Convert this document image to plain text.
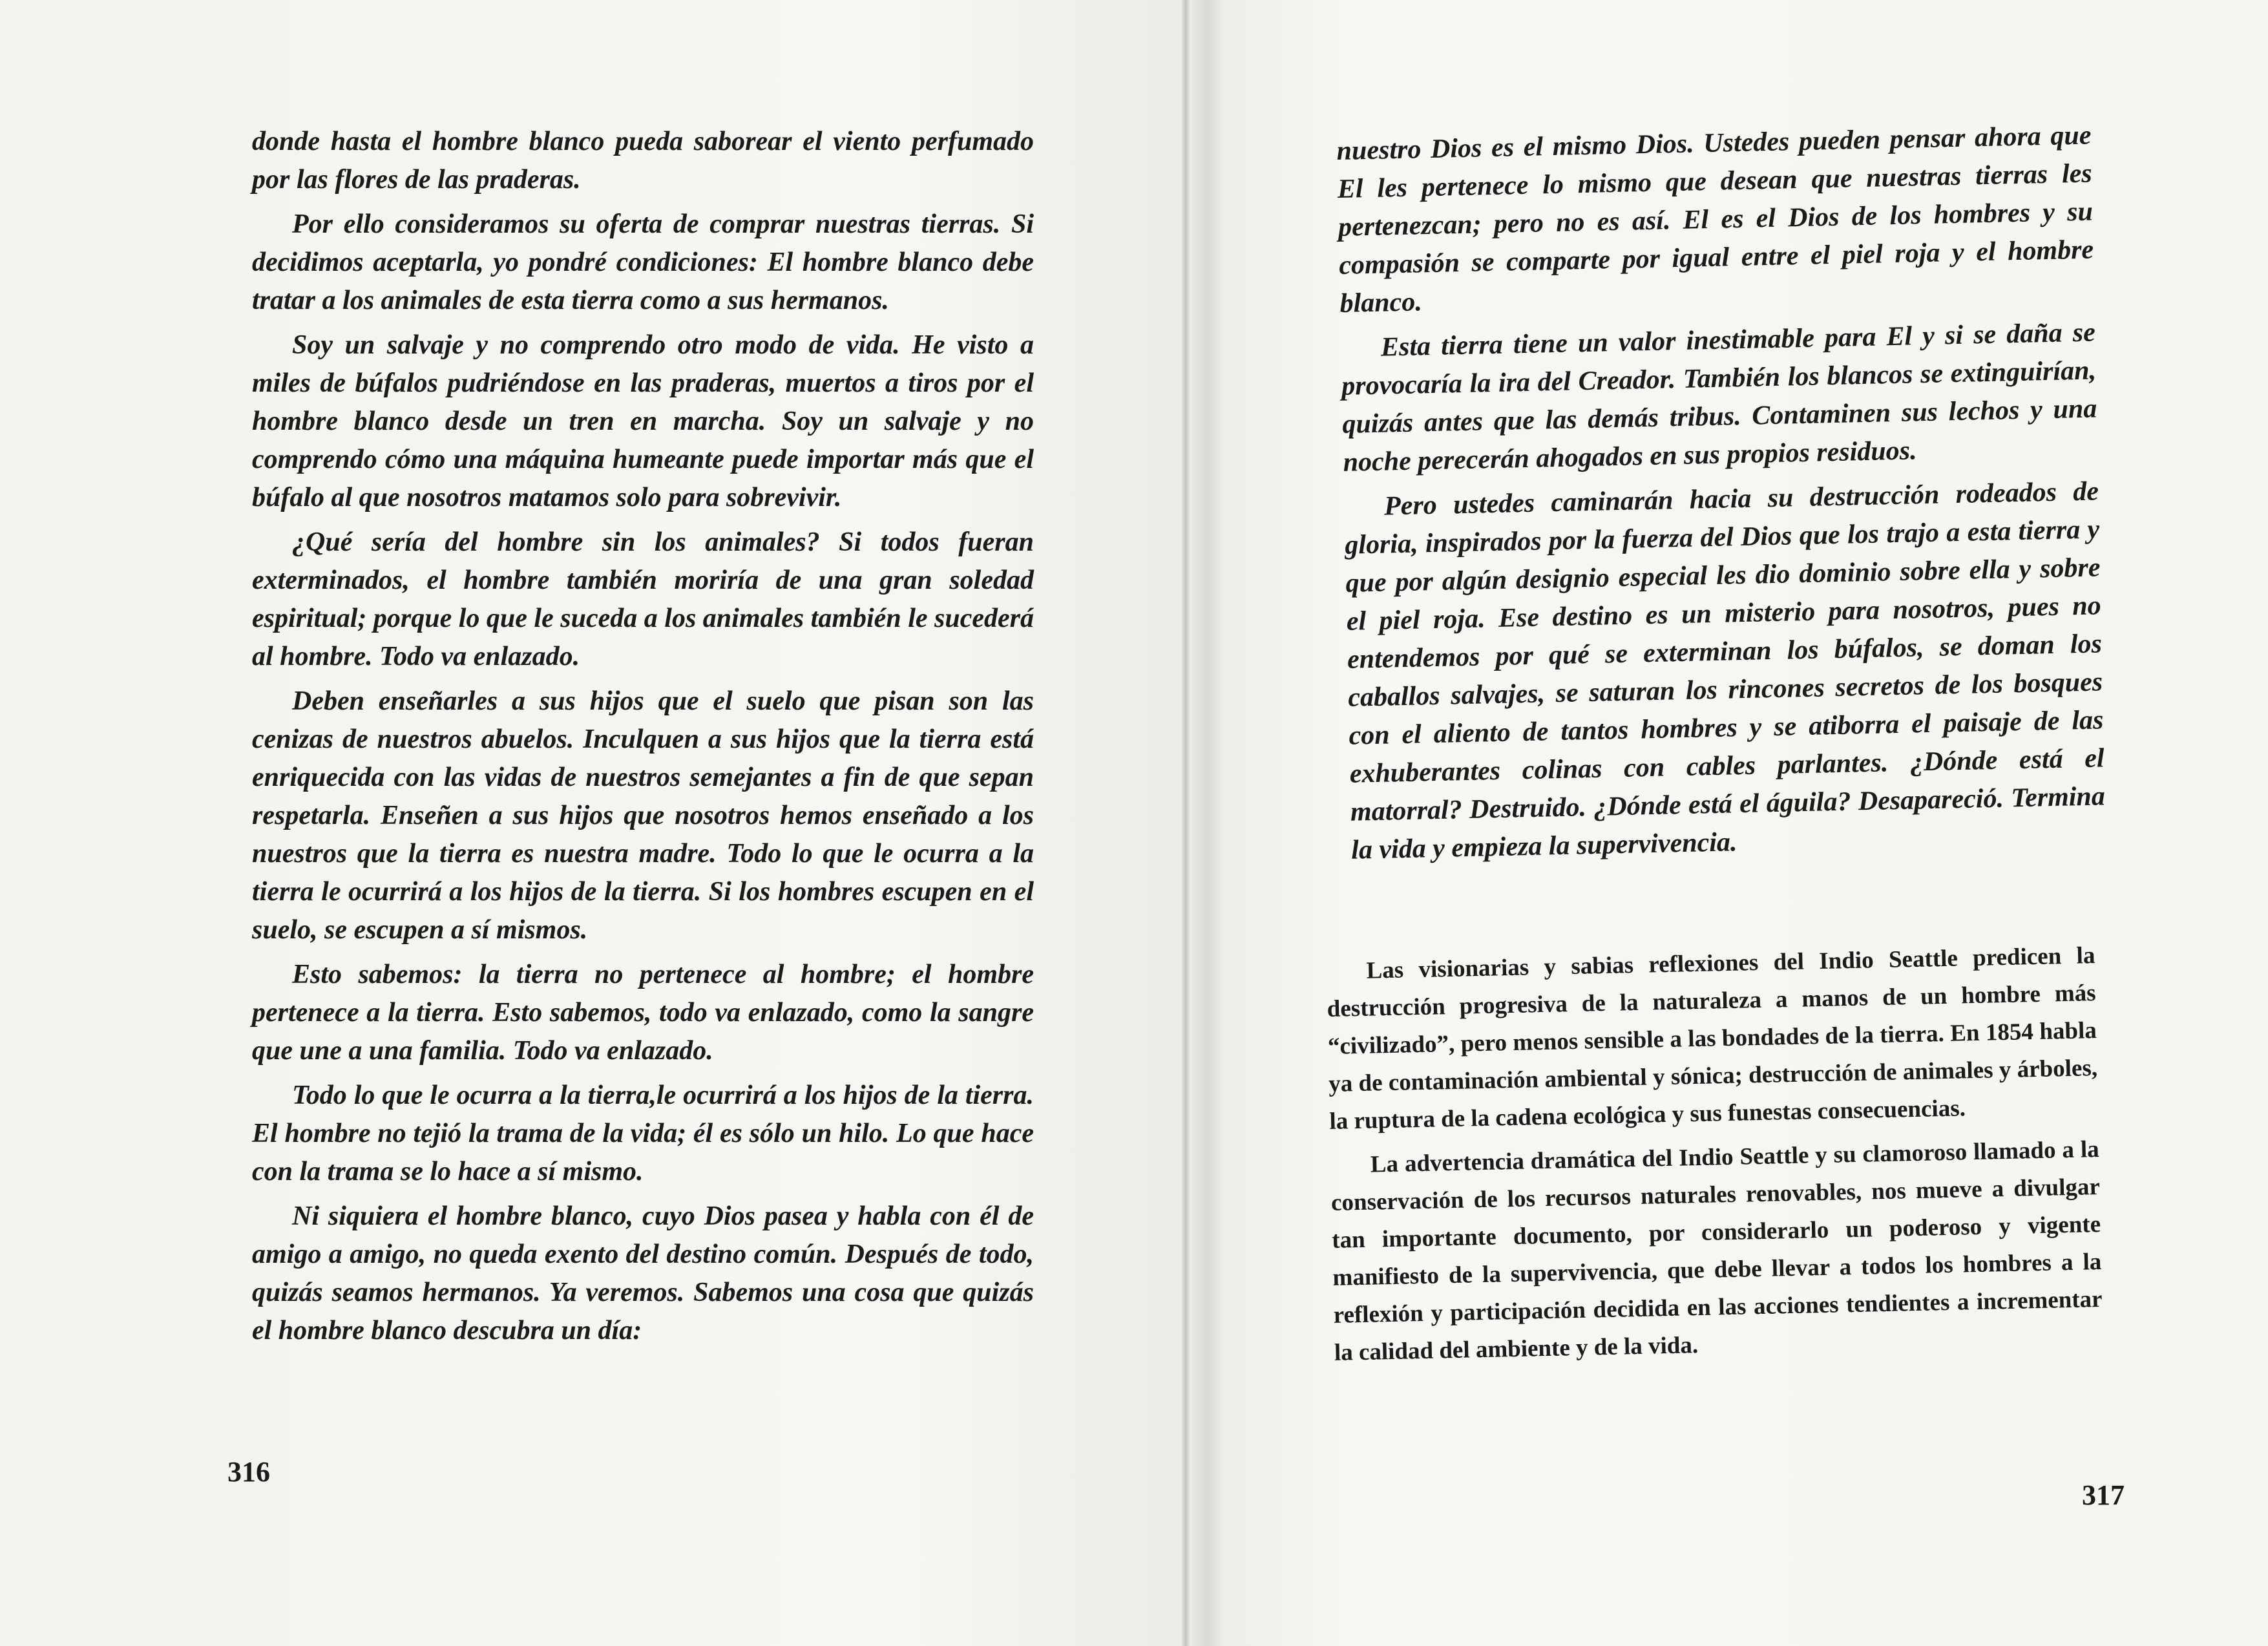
donde hasta el hombre blanco pueda saborear el viento perfumado por las flores de las praderas.

Por ello consideramos su oferta de comprar nuestras tierras. Si decidimos aceptarla, yo pondré condiciones: El hombre blanco debe tratar a los animales de esta tierra como a sus hermanos.

Soy un salvaje y no comprendo otro modo de vida. He visto a miles de búfalos pudriéndose en las praderas, muertos a tiros por el hombre blanco desde un tren en marcha. Soy un salvaje y no comprendo cómo una máquina humeante puede importar más que el búfalo al que nosotros matamos solo para sobrevivir.

¿Qué sería del hombre sin los animales? Si todos fueran exterminados, el hombre también moriría de una gran soledad espiritual; porque lo que le suceda a los animales también le sucederá al hombre. Todo va enlazado.

Deben enseñarles a sus hijos que el suelo que pisan son las cenizas de nuestros abuelos. Inculquen a sus hijos que la tierra está enriquecida con las vidas de nuestros semejantes a fin de que sepan respetarla. Enseñen a sus hijos que nosotros hemos enseñado a los nuestros que la tierra es nuestra madre. Todo lo que le ocurra a la tierra le ocurrirá a los hijos de la tierra. Si los hombres escupen en el suelo, se escupen a sí mismos.

Esto sabemos: la tierra no pertenece al hombre; el hombre pertenece a la tierra. Esto sabemos, todo va enlazado, como la sangre que une a una familia. Todo va enlazado.

Todo lo que le ocurra a la tierra,le ocurrirá a los hijos de la tierra. El hombre no tejió la trama de la vida; él es sólo un hilo. Lo que hace con la trama se lo hace a sí mismo.

Ni siquiera el hombre blanco, cuyo Dios pasea y habla con él de amigo a amigo, no queda exento del destino común. Después de todo, quizás seamos hermanos. Ya veremos. Sabemos una cosa que quizás el hombre blanco descubra un día:

316

nuestro Dios es el mismo Dios. Ustedes pueden pensar ahora que El les pertenece lo mismo que desean que nuestras tierras les pertenezcan; pero no es así. El es el Dios de los hombres y su compasión se comparte por igual entre el piel roja y el hombre blanco.

Esta tierra tiene un valor inestimable para El y si se daña se provocaría la ira del Creador. También los blancos se extinguirían, quizás antes que las demás tribus. Contaminen sus lechos y una noche perecerán ahogados en sus propios residuos.

Pero ustedes caminarán hacia su destrucción rodeados de gloria, inspirados por la fuerza del Dios que los trajo a esta tierra y que por algún designio especial les dio dominio sobre ella y sobre el piel roja. Ese destino es un misterio para nosotros, pues no entendemos por qué se exterminan los búfalos, se doman los caballos salvajes, se saturan los rincones secretos de los bosques con el aliento de tantos hombres y se atiborra el paisaje de las exhuberantes colinas con cables parlantes. ¿Dónde está el matorral? Destruido. ¿Dónde está el águila? Desapareció. Termina la vida y empieza la supervivencia.

Las visionarias y sabias reflexiones del Indio Seattle predicen la destrucción progresiva de la naturaleza a manos de un hombre más “civilizado”, pero menos sensible a las bondades de la tierra. En 1854 habla ya de contaminación ambiental y sónica; destrucción de animales y árboles, la ruptura de la cadena ecológica y sus funestas consecuencias.

La advertencia dramática del Indio Seattle y su clamoroso llamado a la conservación de los recursos naturales renovables, nos mueve a divulgar tan importante documento, por considerarlo un poderoso y vigente manifiesto de la supervivencia, que debe llevar a todos los hombres a la reflexión y participación decidida en las acciones tendientes a incrementar la calidad del ambiente y de la vida.

317
